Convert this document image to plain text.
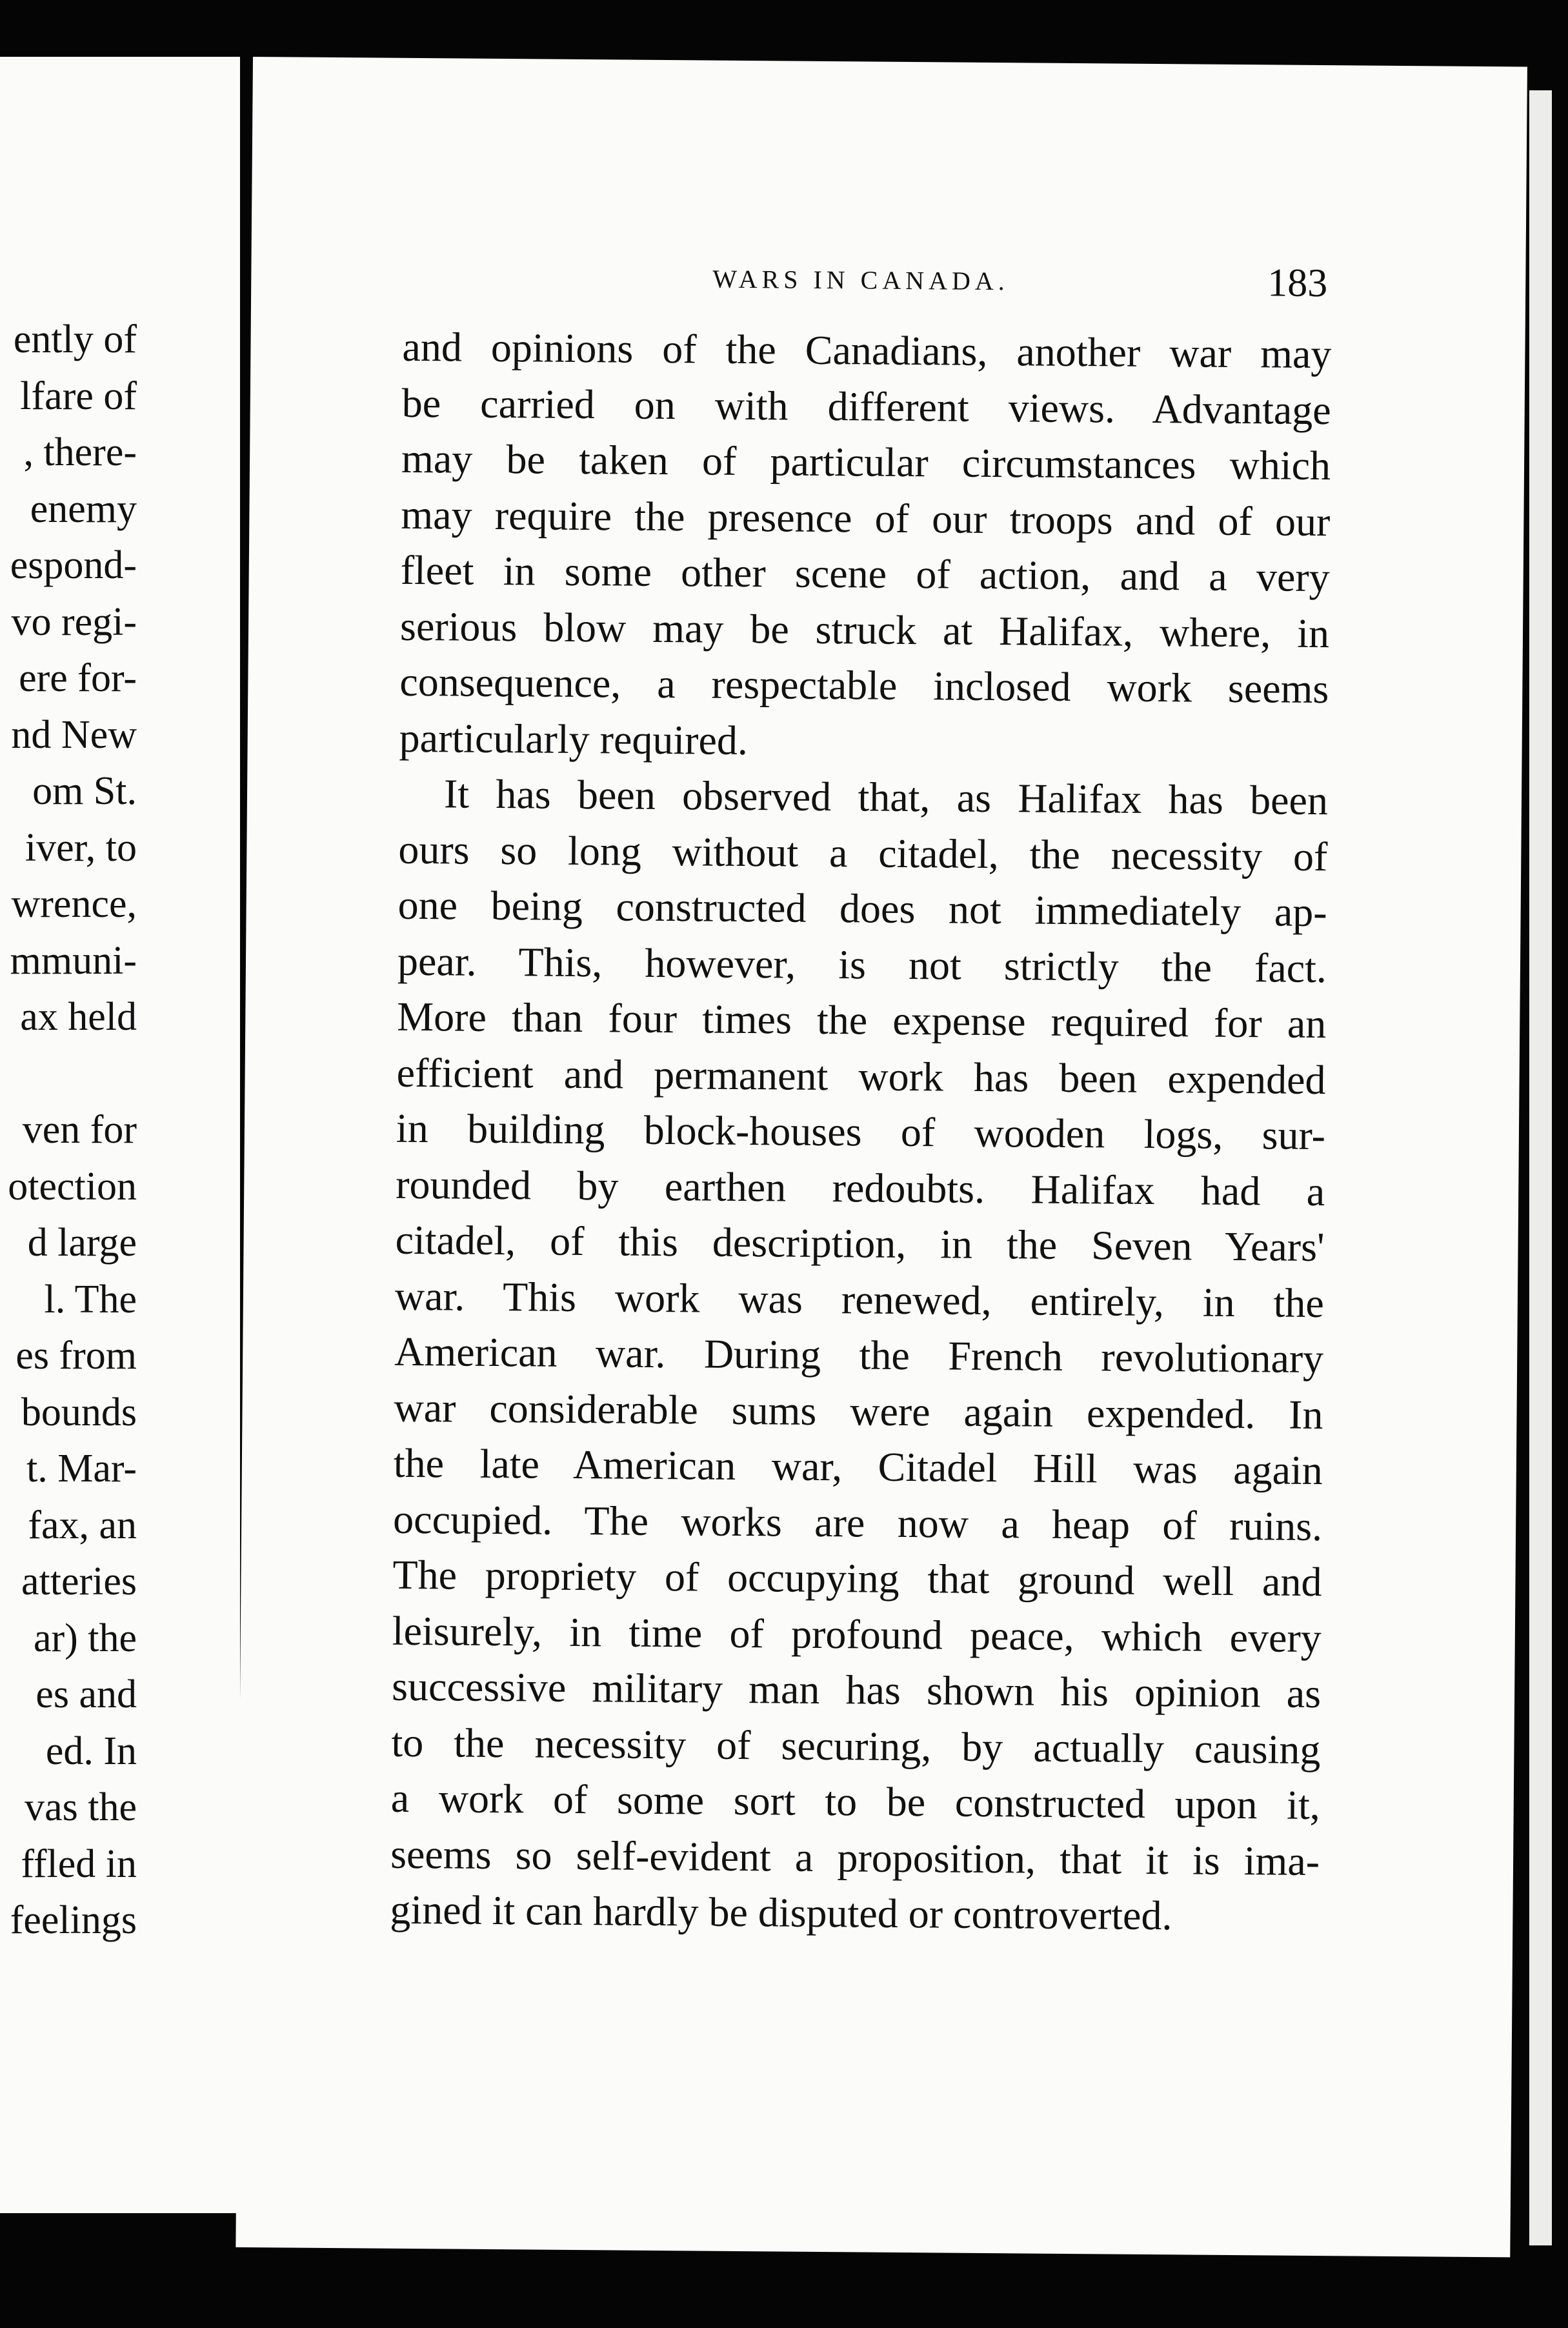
ently of
lfare of
, there-
enemy
espond-
vo regi-
ere for-
nd New
om St.
iver, to
wrence,
mmuni-
ax held

ven for
otection
d large
l. The
es from
bounds
t. Mar-
fax, an
atteries
ar) the
es and
ed. In
vas the
ffled in
feelings
WARS IN CANADA.	183
and opinions of the Canadians, another war may
be carried on with different views. Advantage
may be taken of particular circumstances which
may require the presence of our troops and of our
fleet in some other scene of action, and a very
serious blow may be struck at Halifax, where, in
consequence, a respectable inclosed work seems
particularly required.
It has been observed that, as Halifax has been
ours so long without a citadel, the necessity of
one being constructed does not immediately ap-
pear. This, however, is not strictly the fact.
More than four times the expense required for an
efficient and permanent work has been expended
in building block-houses of wooden logs, sur-
rounded by earthen redoubts. Halifax had a
citadel, of this description, in the Seven Years'
war. This work was renewed, entirely, in the
American war. During the French revolutionary
war considerable sums were again expended. In
the late American war, Citadel Hill was again
occupied. The works are now a heap of ruins.
The propriety of occupying that ground well and
leisurely, in time of profound peace, which every
successive military man has shown his opinion as
to the necessity of securing, by actually causing
a work of some sort to be constructed upon it,
seems so self-evident a proposition, that it is ima-
gined it can hardly be disputed or controverted.
